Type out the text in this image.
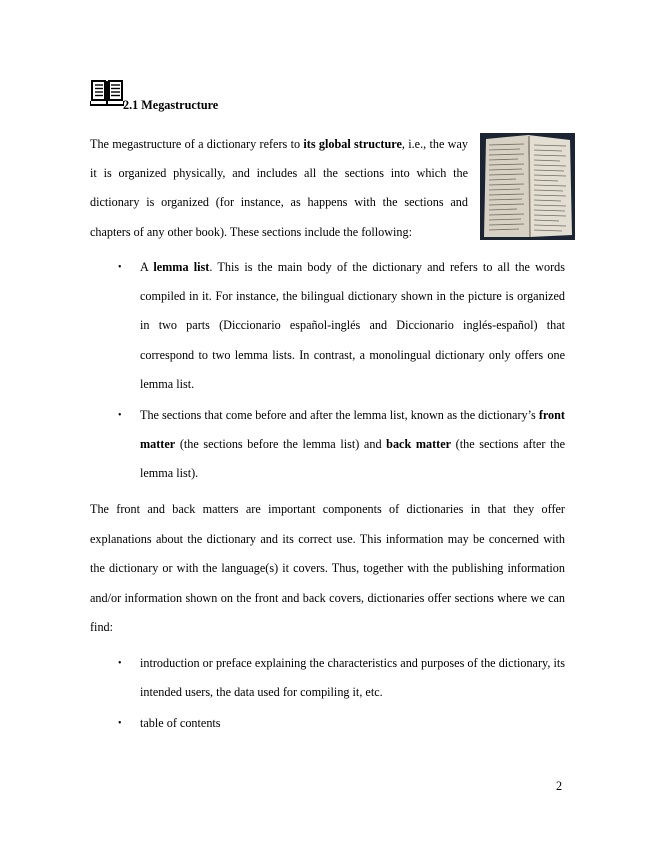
2.1 Megastructure

The megastructure of a dictionary refers to its global structure, i.e., the way it is organized physically, and includes all the sections into which the dictionary is organized (for instance, as happens with the sections and chapters of any other book). These sections include the following:

• A lemma list. This is the main body of the dictionary and refers to all the words compiled in it. For instance, the bilingual dictionary shown in the picture is organized in two parts (Diccionario español-inglés and Diccionario inglés-español) that correspond to two lemma lists. In contrast, a monolingual dictionary only offers one lemma list.
• The sections that come before and after the lemma list, known as the dictionary’s front matter (the sections before the lemma list) and back matter (the sections after the lemma list).

The front and back matters are important components of dictionaries in that they offer explanations about the dictionary and its correct use. This information may be concerned with the dictionary or with the language(s) it covers. Thus, together with the publishing information and/or information shown on the front and back covers, dictionaries offer sections where we can find:

• introduction or preface explaining the characteristics and purposes of the dictionary, its intended users, the data used for compiling it, etc.
• table of contents
2
